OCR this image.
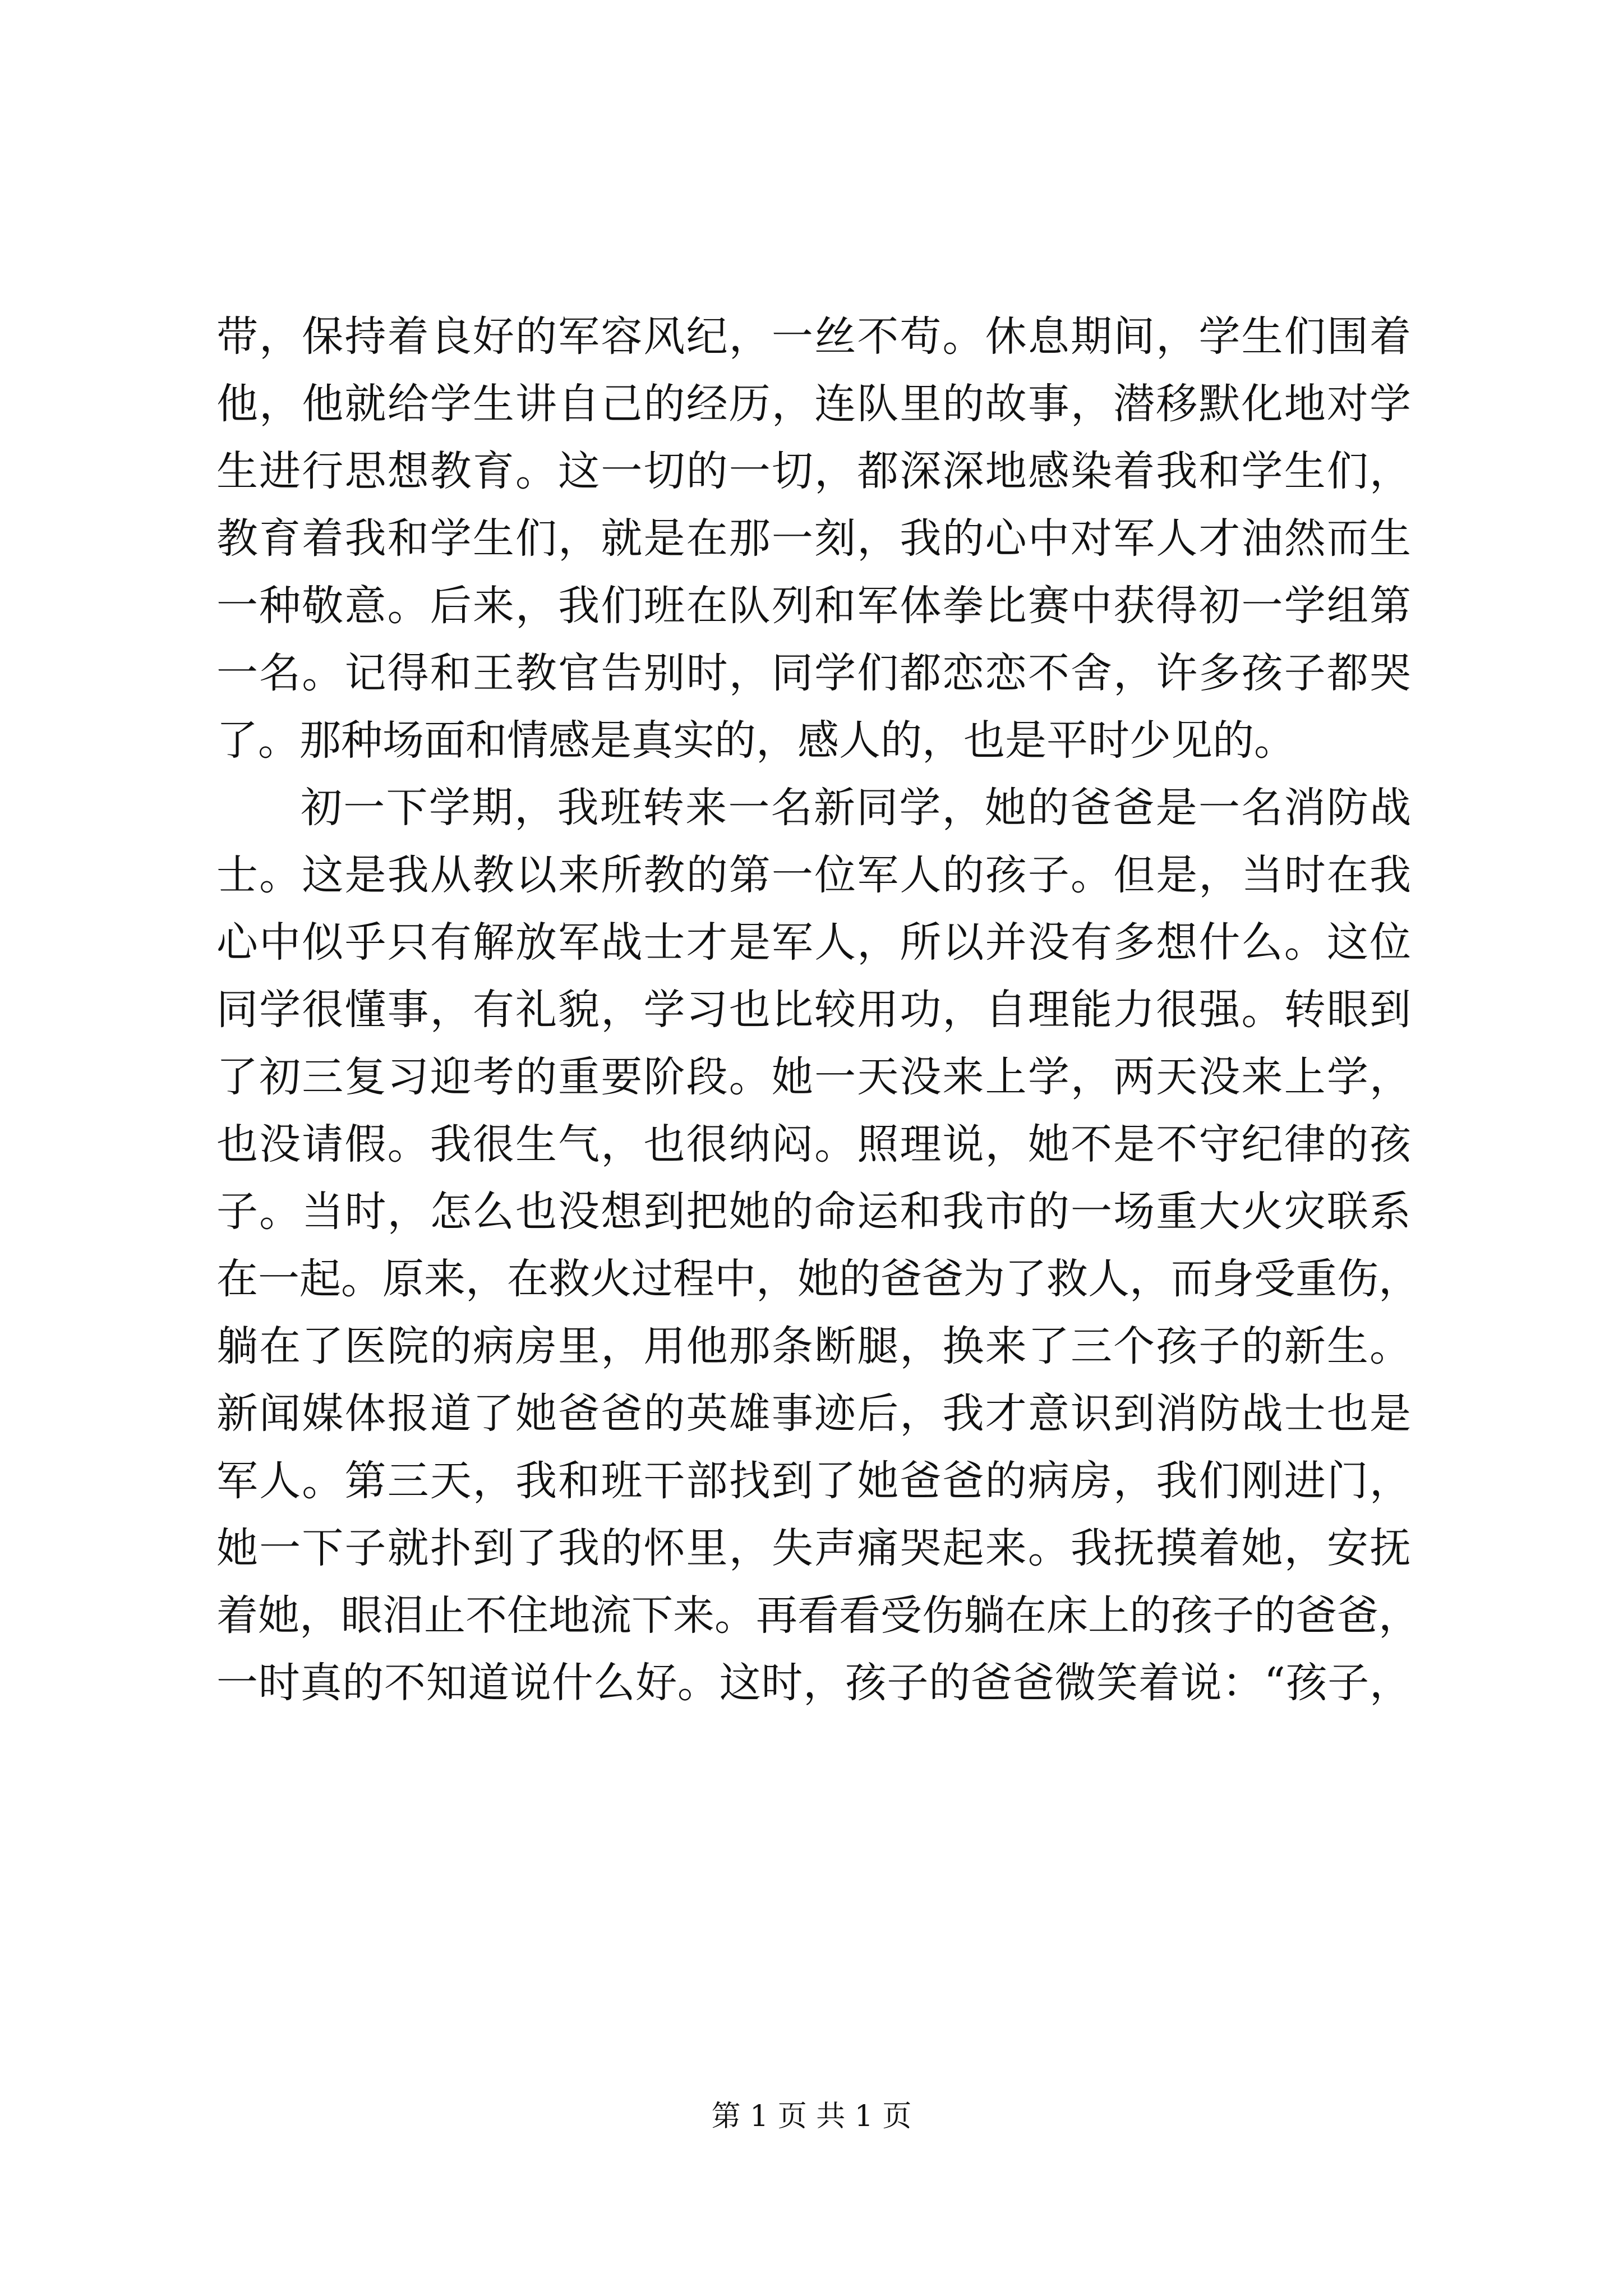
带，保持着良好的军容风纪，一丝不苟。休息期间，学生们围着
他，他就给学生讲自己的经历，连队里的故事，潜移默化地对学
生进行思想教育。这一切的一切，都深深地感染着我和学生们，
教育着我和学生们，就是在那一刻，我的心中对军人才油然而生
一种敬意。后来，我们班在队列和军体拳比赛中获得初一学组第
一名。记得和王教官告别时，同学们都恋恋不舍，许多孩子都哭
了。那种场面和情感是真实的，感人的，也是平时少见的。
初一下学期，我班转来一名新同学，她的爸爸是一名消防战
士。这是我从教以来所教的第一位军人的孩子。但是，当时在我
心中似乎只有解放军战士才是军人，所以并没有多想什么。这位
同学很懂事，有礼貌，学习也比较用功，自理能力很强。转眼到
了初三复习迎考的重要阶段。她一天没来上学，两天没来上学，
也没请假。我很生气，也很纳闷。照理说，她不是不守纪律的孩
子。当时，怎么也没想到把她的命运和我市的一场重大火灾联系
在一起。原来，在救火过程中，她的爸爸为了救人，而身受重伤，
躺在了医院的病房里，用他那条断腿，换来了三个孩子的新生。
新闻媒体报道了她爸爸的英雄事迹后，我才意识到消防战士也是
军人。第三天，我和班干部找到了她爸爸的病房，我们刚进门，
她一下子就扑到了我的怀里，失声痛哭起来。我抚摸着她，安抚
着她，眼泪止不住地流下来。再看看受伤躺在床上的孩子的爸爸，
一时真的不知道说什么好。这时，孩子的爸爸微笑着说：“孩子，
第 1 页 共 1 页
